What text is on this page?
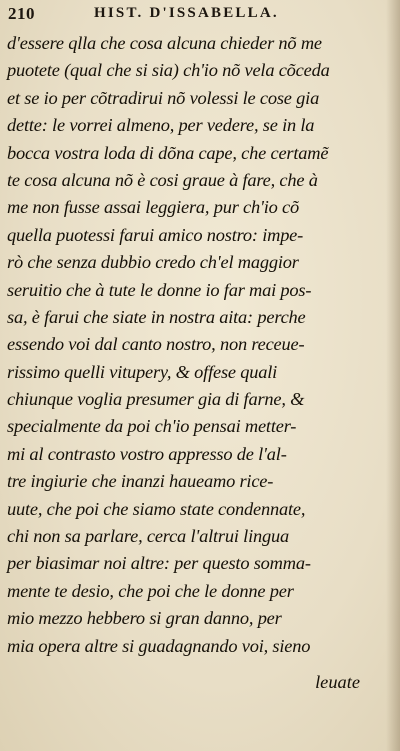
210	HIST. D'ISSABELLA.
d'essere qlla che cosa alcuna chieder nõ me
puotete (qual che si sia) ch'io nõ vela cõceda
et se io per cõtradirui nõ volessi le cose gia
dette: le vorrei almeno, per vedere, se in la
bocca vostra loda di dõna cape, che certamẽ
te cosa alcuna nõ è cosi graue à fare, che à
me non fusse assai leggiera, pur ch'io cõ
quella puotessi farui amico nostro: impe-
rò che senza dubbio credo ch'el maggior
seruitio che à tute le donne io far mai pos-
sa, è farui che siate in nostra aita: perche
essendo voi dal canto nostro, non receue-
rissimo quelli vitupery, & offese quali
chiunque voglia presumer gia di farne, &
specialmente da poi ch'io pensai metter-
mi al contrasto vostro appresso de l'al-
tre ingiurie che inanzi haueamo rice-
uute, che poi che siamo state condennate,
chi non sa parlare, cerca l'altrui lingua
per biasimar noi altre: per questo somma-
mente te desio, che poi che le donne per
mio mezzo hebbero si gran danno, per
mia opera altre si guadagnando voi, sieno
leuate
